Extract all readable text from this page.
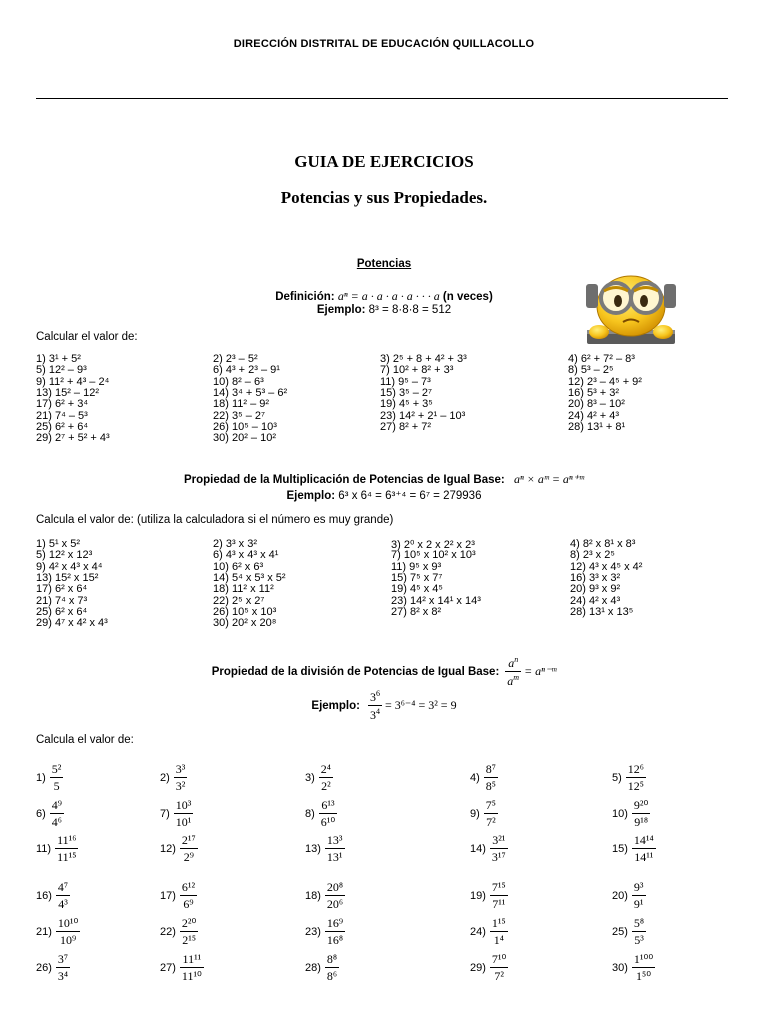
DIRECCIÓN DISTRITAL DE EDUCACIÓN QUILLACOLLO
GUIA DE EJERCICIOS
Potencias y sus Propiedades.
Potencias
Definición: aⁿ = a · a · a · a · · · a (n veces)
Ejemplo: 8³ = 8·8·8 = 512
Calcular el valor de:
1) 3¹ + 5²	2) 2³ – 5²	3) 2⁵ + 8 + 4² + 3³	4) 6² + 7² – 8³
5) 12² – 9³	6) 4³ + 2³ – 9¹	7) 10² + 8² + 3³	8) 5³ – 2⁵
9) 11² + 4³ – 2⁴	10) 8² – 6³	11) 9⁵ – 7³	12) 2³ – 4⁵ + 9²
13) 15² – 12²	14) 3⁴ + 5³ – 6²	15) 3⁵ – 2⁷	16) 5³ + 3²
17) 6² + 3⁴	18) 11² – 9²	19) 4⁵ + 3⁵	20) 8³ – 10²
21) 7⁴ – 5³	22) 3⁵ – 2⁷	23) 14² + 2¹ – 10³	24) 4² + 4³
25) 6² + 6⁴	26) 10⁵ – 10³	27) 8² + 7²	28) 13¹ + 8¹
29) 2⁷ + 5² + 4³	30) 20² – 10²
Propiedad de la Multiplicación de Potencias de Igual Base: aⁿ × aᵐ = aⁿ⁺ᵐ
Ejemplo: 6³ x 6⁴ = 6³⁺⁴ = 6⁷ = 279936
Calcula el valor de: (utiliza la calculadora si el número es muy grande)
1) 5¹ x 5²	2) 3³ x 3²	3) 2⁰ x 2 x 2² x 2³	4) 8² x 8¹ x 8³
5) 12² x 12³	6) 4³ x 4³ x 4¹	7) 10⁵ x 10² x 10³	8) 2³ x 2⁵
9) 4² x 4³ x 4⁴	10) 6² x 6³	11) 9⁵ x 9³	12) 4³ x 4⁵ x 4²
13) 15² x 15²	14) 5⁴ x 5³ x 5²	15) 7⁵ x 7⁷	16) 3³ x 3²
17) 6² x 6⁴	18) 11² x 11²	19) 4⁵ x 4⁵	20) 9³ x 9²
21) 7⁴ x 7³	22) 2⁵ x 2⁷	23) 14² x 14¹ x 14³	24) 4² x 4³
25) 6² x 6⁴	26) 10⁵ x 10³	27) 8² x 8²	28) 13¹ x 13⁵
29) 4⁷ x 4² x 4³	30) 20² x 20⁸
Propiedad de la división de Potencias de Igual Base: $\frac{a^n}{a^m}$ = aⁿ⁻ᵐ
Ejemplo: $\frac{3^6}{3^4} = 3^{6-4} = 3^2 = 9$
Calcula el valor de:
$1) \frac{\text{5²}}{5}$	$2) \frac{\text{3³}}{\text{3²}}$	$3) \frac{\text{2⁴}}{\text{2²}}$	$4) \frac{\text{8⁷}}{\text{8⁵}}$	$5) \frac{\text{12⁶}}{\text{12⁵}}$
$6) \frac{\text{4⁹}}{\text{4⁶}}$	$7) \frac{\text{10³}}{\text{10¹}}$	$8) \frac{\text{6¹³}}{\text{6¹⁰}}$	$9) \frac{\text{7⁵}}{\text{7²}}$	$10) \frac{\text{9²⁰}}{\text{9¹⁸}}$
$11) \frac{\text{11¹⁶}}{\text{11¹⁵}}$	$12) \frac{\text{2¹⁷}}{\text{2⁹}}$	$13) \frac{\text{13³}}{\text{13¹}}$	$14) \frac{\text{3²¹}}{\text{3¹⁷}}$	$15) \frac{\text{14¹⁴}}{\text{14¹¹}}$
$16) \frac{\text{4⁷}}{\text{4³}}$	$17) \frac{\text{6¹²}}{\text{6⁹}}$	$18) \frac{\text{20⁸}}{\text{20⁶}}$	$19) \frac{\text{7¹⁵}}{\text{7¹¹}}$	$20) \frac{\text{9³}}{\text{9¹}}$
$21) \frac{\text{10¹⁰}}{\text{10⁹}}$	$22) \frac{\text{2²⁰}}{\text{2¹⁵}}$	$23) \frac{\text{16⁹}}{\text{16⁸}}$	$24) \frac{\text{1¹⁵}}{\text{1⁴}}$	$25) \frac{\text{5⁸}}{\text{5³}}$
$26) \frac{\text{3⁷}}{\text{3⁴}}$	$27) \frac{\text{11¹¹}}{\text{11¹⁰}}$	$28) \frac{\text{8⁸}}{\text{8⁶}}$	$29) \frac{\text{7¹⁰}}{\text{7²}}$	$30) \frac{\text{1¹⁰⁰}}{\text{1⁵⁰}}$
